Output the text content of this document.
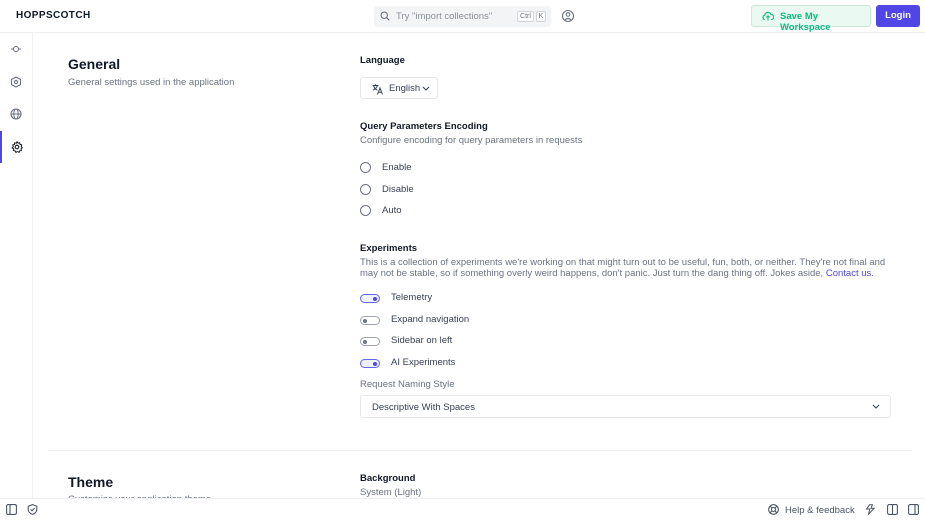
HOPPSCOTCH	Try "import collections"	Ctrl	K	Save My Workspace
Login
General
General settings used in the application
Language
English
Query Parameters Encoding
Configure encoding for query parameters in requests
Enable
Disable
Auto
Experiments
This is a collection of experiments we're working on that might turn out to be useful, fun, both, or neither. They're not final and may not be stable, so if something overly weird happens, don't panic. Just turn the dang thing off. Jokes aside, Contact us.
Telemetry
Expand navigation
Sidebar on left
AI Experiments
Request Naming Style
Descriptive With Spaces
Theme	Background
System (Light)
Help & feedback
